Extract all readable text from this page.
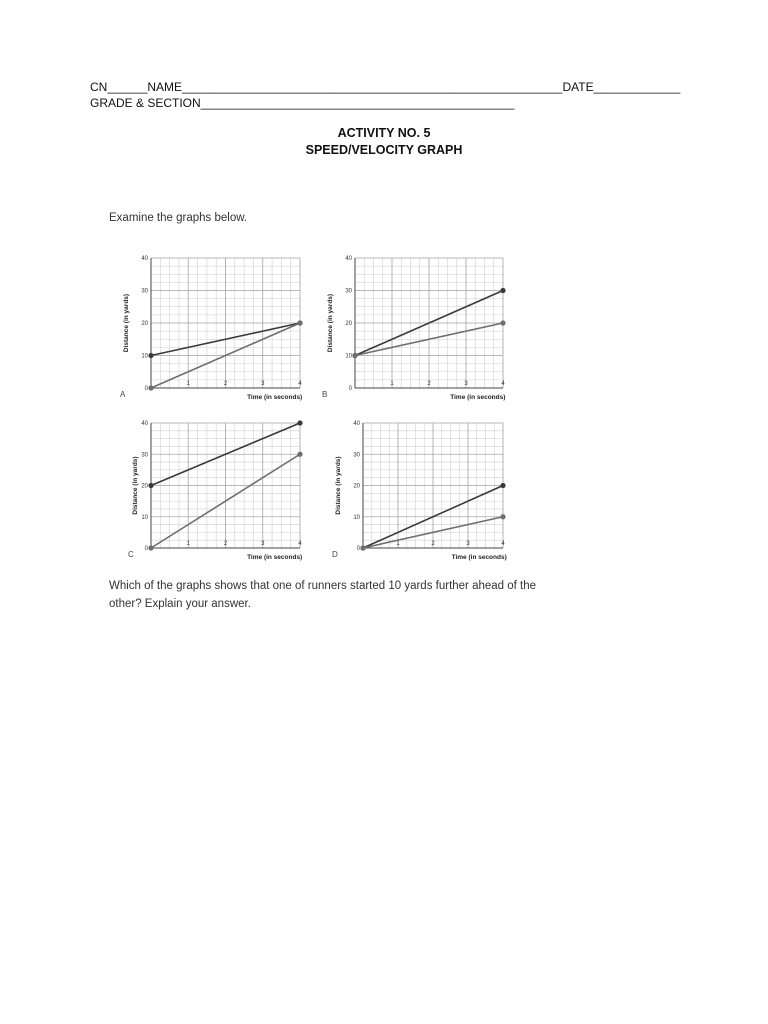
CN______NAME_________________________________________________________DATE_____________
GRADE & SECTION_______________________________________________
ACTIVITY NO. 5
SPEED/VELOCITY GRAPH
Examine the graphs below.
0
10
20
30
40
1	2	3	4
Time (in seconds)
Distance (in yards)
A
0
10
20
30
40
1	2	3	4
Time (in seconds)
Distance (in yards)
B
0
10
20
30
40
1	2	3	4
Time (in seconds)
Distance (in yards)
C
0
10
20
30
40
1	2	3	4
Time (in seconds)
Distance (in yards)
D
Which of the graphs shows that one of runners started 10 yards further ahead of the
other? Explain your answer.
